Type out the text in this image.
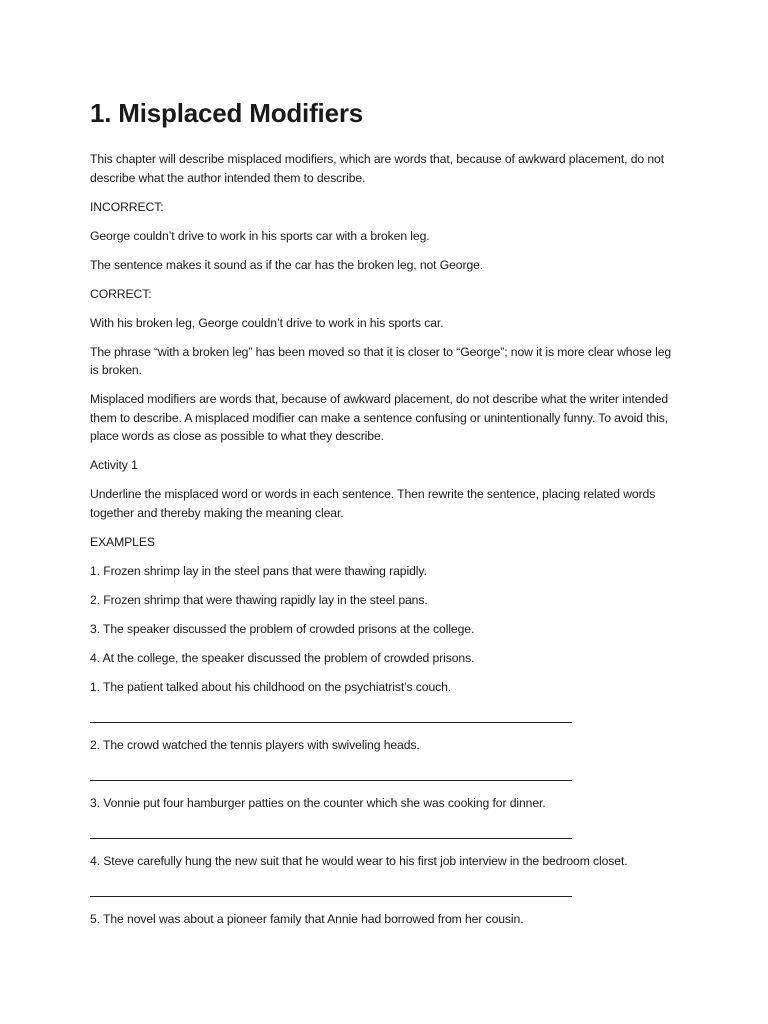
1. Misplaced Modifiers

This chapter will describe misplaced modifiers, which are words that, because of awkward placement, do not describe what the author intended them to describe.

INCORRECT:

George couldn’t drive to work in his sports car with a broken leg.

The sentence makes it sound as if the car has the broken leg, not George.

CORRECT:

With his broken leg, George couldn’t drive to work in his sports car.

The phrase “with a broken leg” has been moved so that it is closer to “George”; now it is more clear whose leg is broken.

Misplaced modifiers are words that, because of awkward placement, do not describe what the writer intended them to describe. A misplaced modifier can make a sentence confusing or unintentionally funny. To avoid this, place words as close as possible to what they describe.

Activity 1

Underline the misplaced word or words in each sentence. Then rewrite the sentence, placing related words together and thereby making the meaning clear.

EXAMPLES

1. Frozen shrimp lay in the steel pans that were thawing rapidly.

2. Frozen shrimp that were thawing rapidly lay in the steel pans.

3. The speaker discussed the problem of crowded prisons at the college.

4. At the college, the speaker discussed the problem of crowded prisons.

1. The patient talked about his childhood on the psychiatrist’s couch.

2. The crowd watched the tennis players with swiveling heads.

3. Vonnie put four hamburger patties on the counter which she was cooking for dinner.

4. Steve carefully hung the new suit that he would wear to his first job interview in the bedroom closet.

5. The novel was about a pioneer family that Annie had borrowed from her cousin.
